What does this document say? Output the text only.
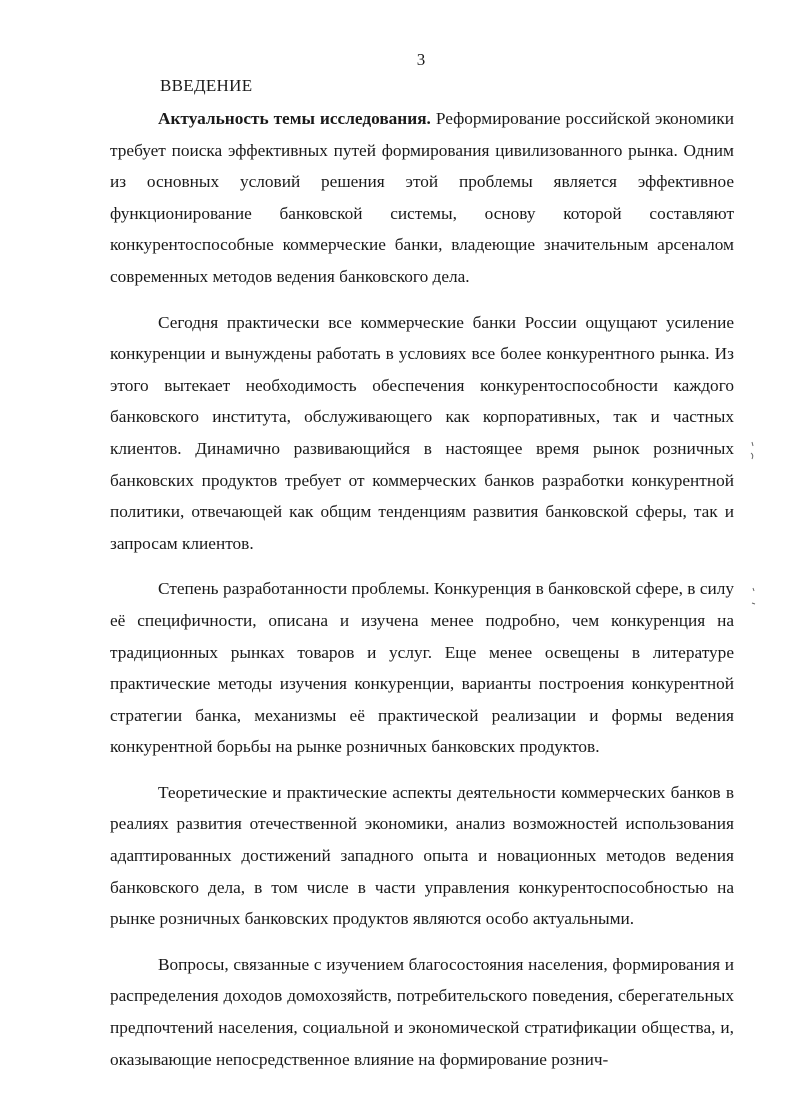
3
ВВЕДЕНИЕ

Актуальность темы исследования. Реформирование российской экономики требует поиска эффективных путей формирования цивилизованного рынка. Одним из основных условий решения этой проблемы является эффективное функционирование банковской системы, основу которой составляют конкурентоспособные коммерческие банки, владеющие значительным арсеналом современных методов ведения банковского дела.

Сегодня практически все коммерческие банки России ощущают усиление конкуренции и вынуждены работать в условиях все более конкурентного рынка. Из этого вытекает необходимость обеспечения конкурентоспособности каждого банковского института, обслуживающего как корпоративных, так и частных клиентов. Динамично развивающийся в настоящее время рынок розничных банковских продуктов требует от коммерческих банков разработки конкурентной политики, отвечающей как общим тенденциям развития банковской сферы, так и запросам клиентов.

Степень разработанности проблемы. Конкуренция в банковской сфере, в силу её специфичности, описана и изучена менее подробно, чем конкуренция на традиционных рынках товаров и услуг. Еще менее освещены в литературе практические методы изучения конкуренции, варианты построения конкурентной стратегии банка, механизмы её практической реализации и формы ведения конкурентной борьбы на рынке розничных банковских продуктов.

Теоретические и практические аспекты деятельности коммерческих банков в реалиях развития отечественной экономики, анализ возможностей использования адаптированных достижений западного опыта и новационных методов ведения банковского дела, в том числе в части управления конкурентоспособностью на рынке розничных банковских продуктов являются особо актуальными.

Вопросы, связанные с изучением благосостояния населения, формирования и распределения доходов домохозяйств, потребительского поведения, сберегательных предпочтений населения, социальной и экономической стратификации общества, и, оказывающие непосредственное влияние на формирование рознич-
